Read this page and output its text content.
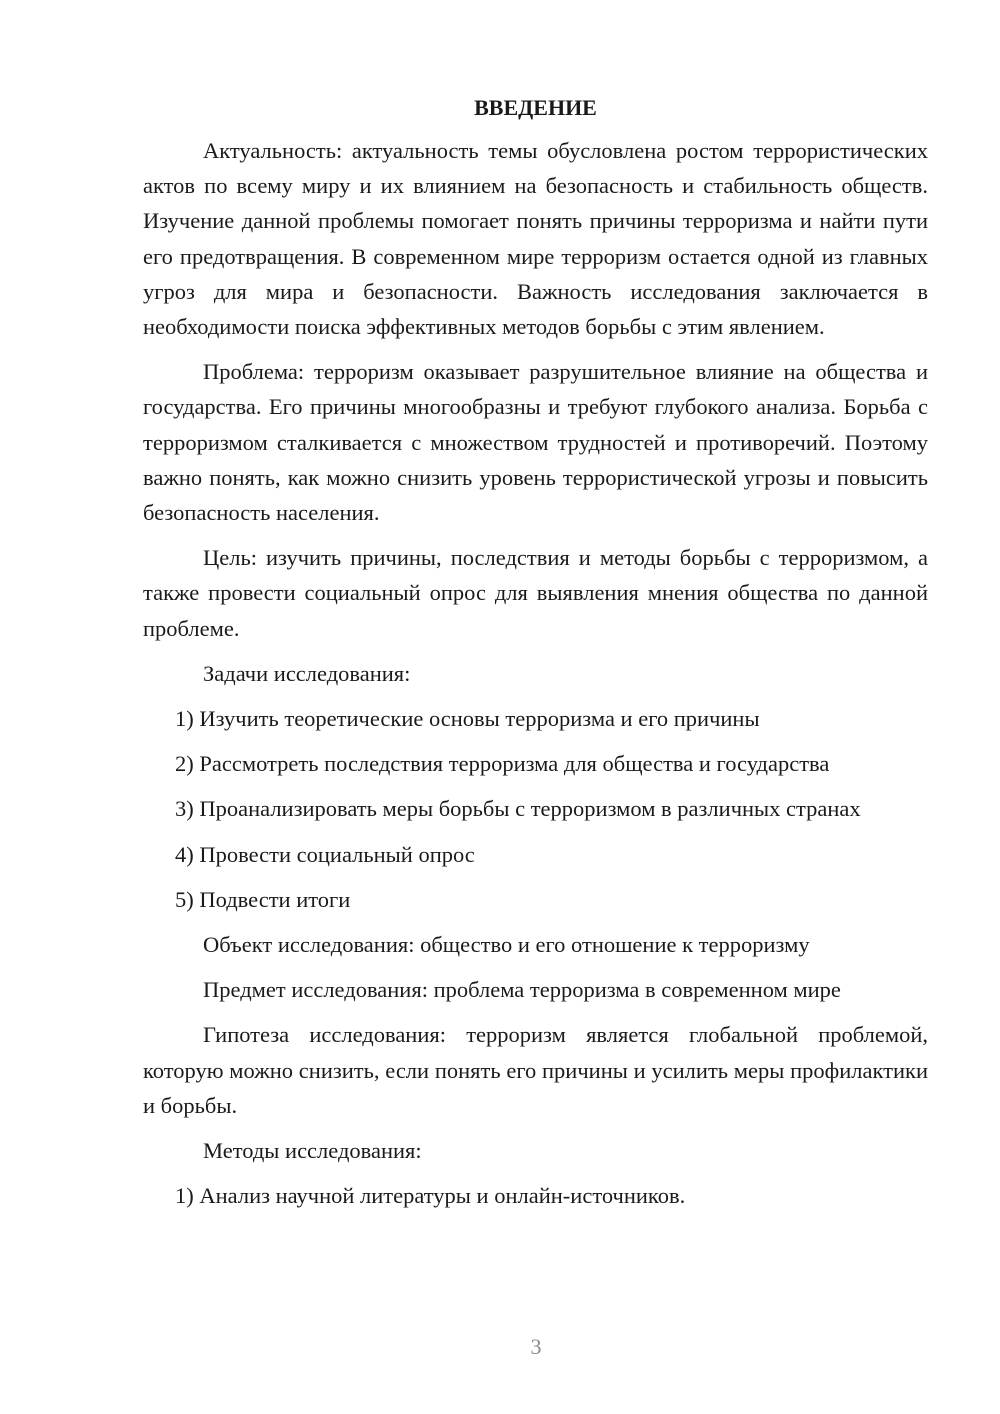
ВВЕДЕНИЕ

Актуальность: актуальность темы обусловлена ростом террористических актов по всему миру и их влиянием на безопасность и стабильность обществ. Изучение данной проблемы помогает понять причины терроризма и найти пути его предотвращения. В современном мире терроризм остается одной из главных угроз для мира и безопасности. Важность исследования заключается в необходимости поиска эффективных методов борьбы с этим явлением.

Проблема: терроризм оказывает разрушительное влияние на общества и государства. Его причины многообразны и требуют глубокого анализа. Борьба с терроризмом сталкивается с множеством трудностей и противоречий. Поэтому важно понять, как можно снизить уровень террористической угрозы и повысить безопасность населения.

Цель: изучить причины, последствия и методы борьбы с терроризмом, а также провести социальный опрос для выявления мнения общества по данной проблеме.

Задачи исследования:

1) Изучить теоретические основы терроризма и его причины

2) Рассмотреть последствия терроризма для общества и государства

3) Проанализировать меры борьбы с терроризмом в различных странах

4) Провести социальный опрос

5) Подвести итоги

Объект исследования: общество и его отношение к терроризму

Предмет исследования: проблема терроризма в современном мире

Гипотеза исследования: терроризм является глобальной проблемой, которую можно снизить, если понять его причины и усилить меры профилактики и борьбы.

Методы исследования:

1) Анализ научной литературы и онлайн-источников.

3
